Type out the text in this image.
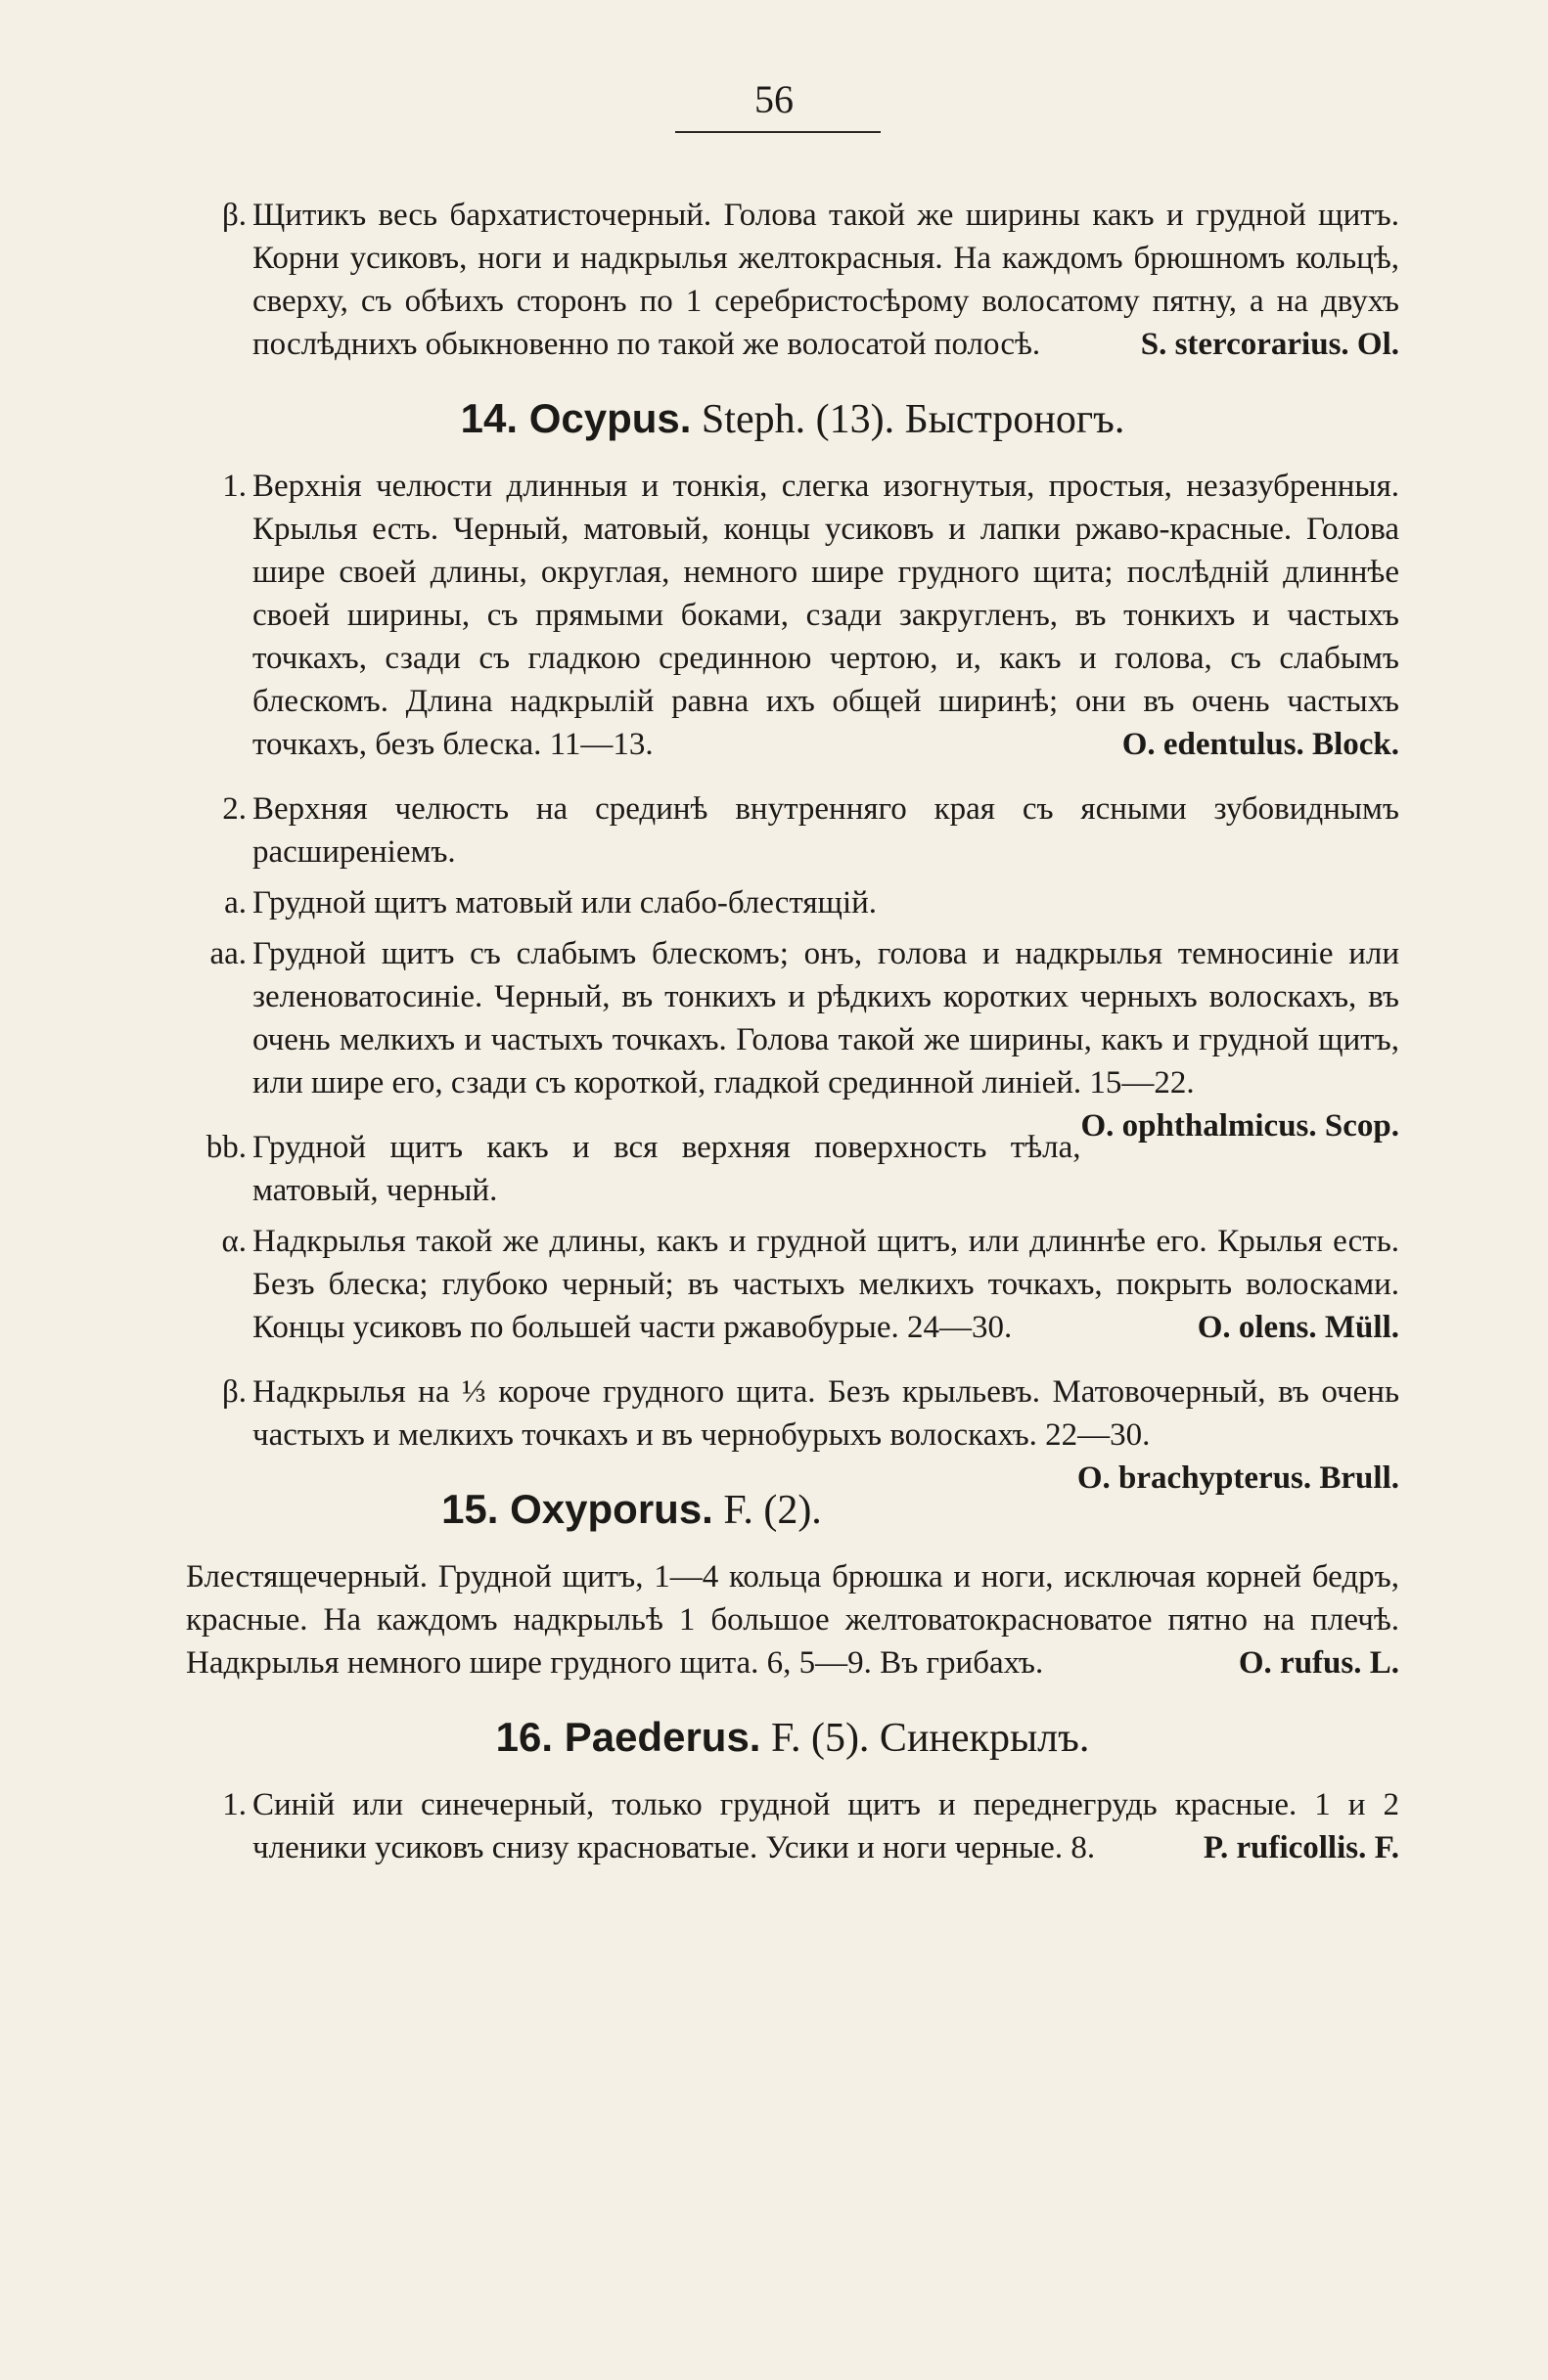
56
β. Щитикъ весь бархатисточерный. Голова такой же ширины какъ и грудной щитъ. Корни усиковъ, ноги и надкрылья желтокрасныя. На каждомъ брюшномъ кольцѣ, сверху, съ обѣихъ сторонъ по 1 серебристосѣрому волосатому пятну, а на двухъ послѣднихъ обыкновенно по такой же волосатой полосѣ.	S. stercorarius. Ol.
14. Ocypus. Steph. (13). Быстроногъ.
1. Верхнія челюсти длинныя и тонкія, слегка изогнутыя, простыя, незазубренныя. Крылья есть. Черный, матовый, концы усиковъ и лапки ржаво-красные. Голова шире своей длины, округлая, немного шире грудного щита; послѣдній длиннѣе своей ширины, съ прямыми боками, сзади закругленъ, въ тонкихъ и частыхъ точкахъ, сзади съ гладкою срединною чертою, и, какъ и голова, съ слабымъ блескомъ. Длина надкрылій равна ихъ общей ширинѣ; они въ очень частыхъ точкахъ, безъ блеска. 11—13.	O. edentulus. Block.
2. Верхняя челюсть на срединѣ внутренняго края съ ясными зубовиднымъ расширеніемъ.
a. Грудной щитъ матовый или слабо-блестящій.
aa. Грудной щитъ съ слабымъ блескомъ; онъ, голова и надкрылья темносиніе или зеленоватосиніе. Черный, въ тонкихъ и рѣдкихъ коротких черныхъ волоскахъ, въ очень мелкихъ и частыхъ точкахъ. Голова такой же ширины, какъ и грудной щитъ, или шире его, сзади съ короткой, гладкой срединной линіей. 15—22.
O. ophthalmicus. Scop.
bb. Грудной щитъ какъ и вся верхняя поверхность тѣла, матовый, черный.
α. Надкрылья такой же длины, какъ и грудной щитъ, или длиннѣе его. Крылья есть. Безъ блеска; глубоко черный; въ частыхъ мелкихъ точкахъ, покрыть волосками. Концы усиковъ по большей части ржавобурые. 24—30.	O. olens. Müll.
β. Надкрылья на ⅓ короче грудного щита. Безъ крыльевъ. Матовочерный, въ очень частыхъ и мелкихъ точкахъ и въ чернобурыхъ волоскахъ. 22—30.
O. brachypterus. Brull.
15. Oxyporus. F. (2).
Блестящечерный. Грудной щитъ, 1—4 кольца брюшка и ноги, исключая корней бедръ, красные. На каждомъ надкрыльѣ 1 большое желтоватокрасноватое пятно на плечѣ. Надкрылья немного шире грудного щита. 6, 5—9. Въ грибахъ.	O. rufus. L.
16. Paederus. F. (5). Синекрылъ.
1. Синій или синечерный, только грудной щитъ и переднегрудь красные. 1 и 2 членики усиковъ снизу красноватые. Усики и ноги черные. 8.	P. ruficollis. F.
